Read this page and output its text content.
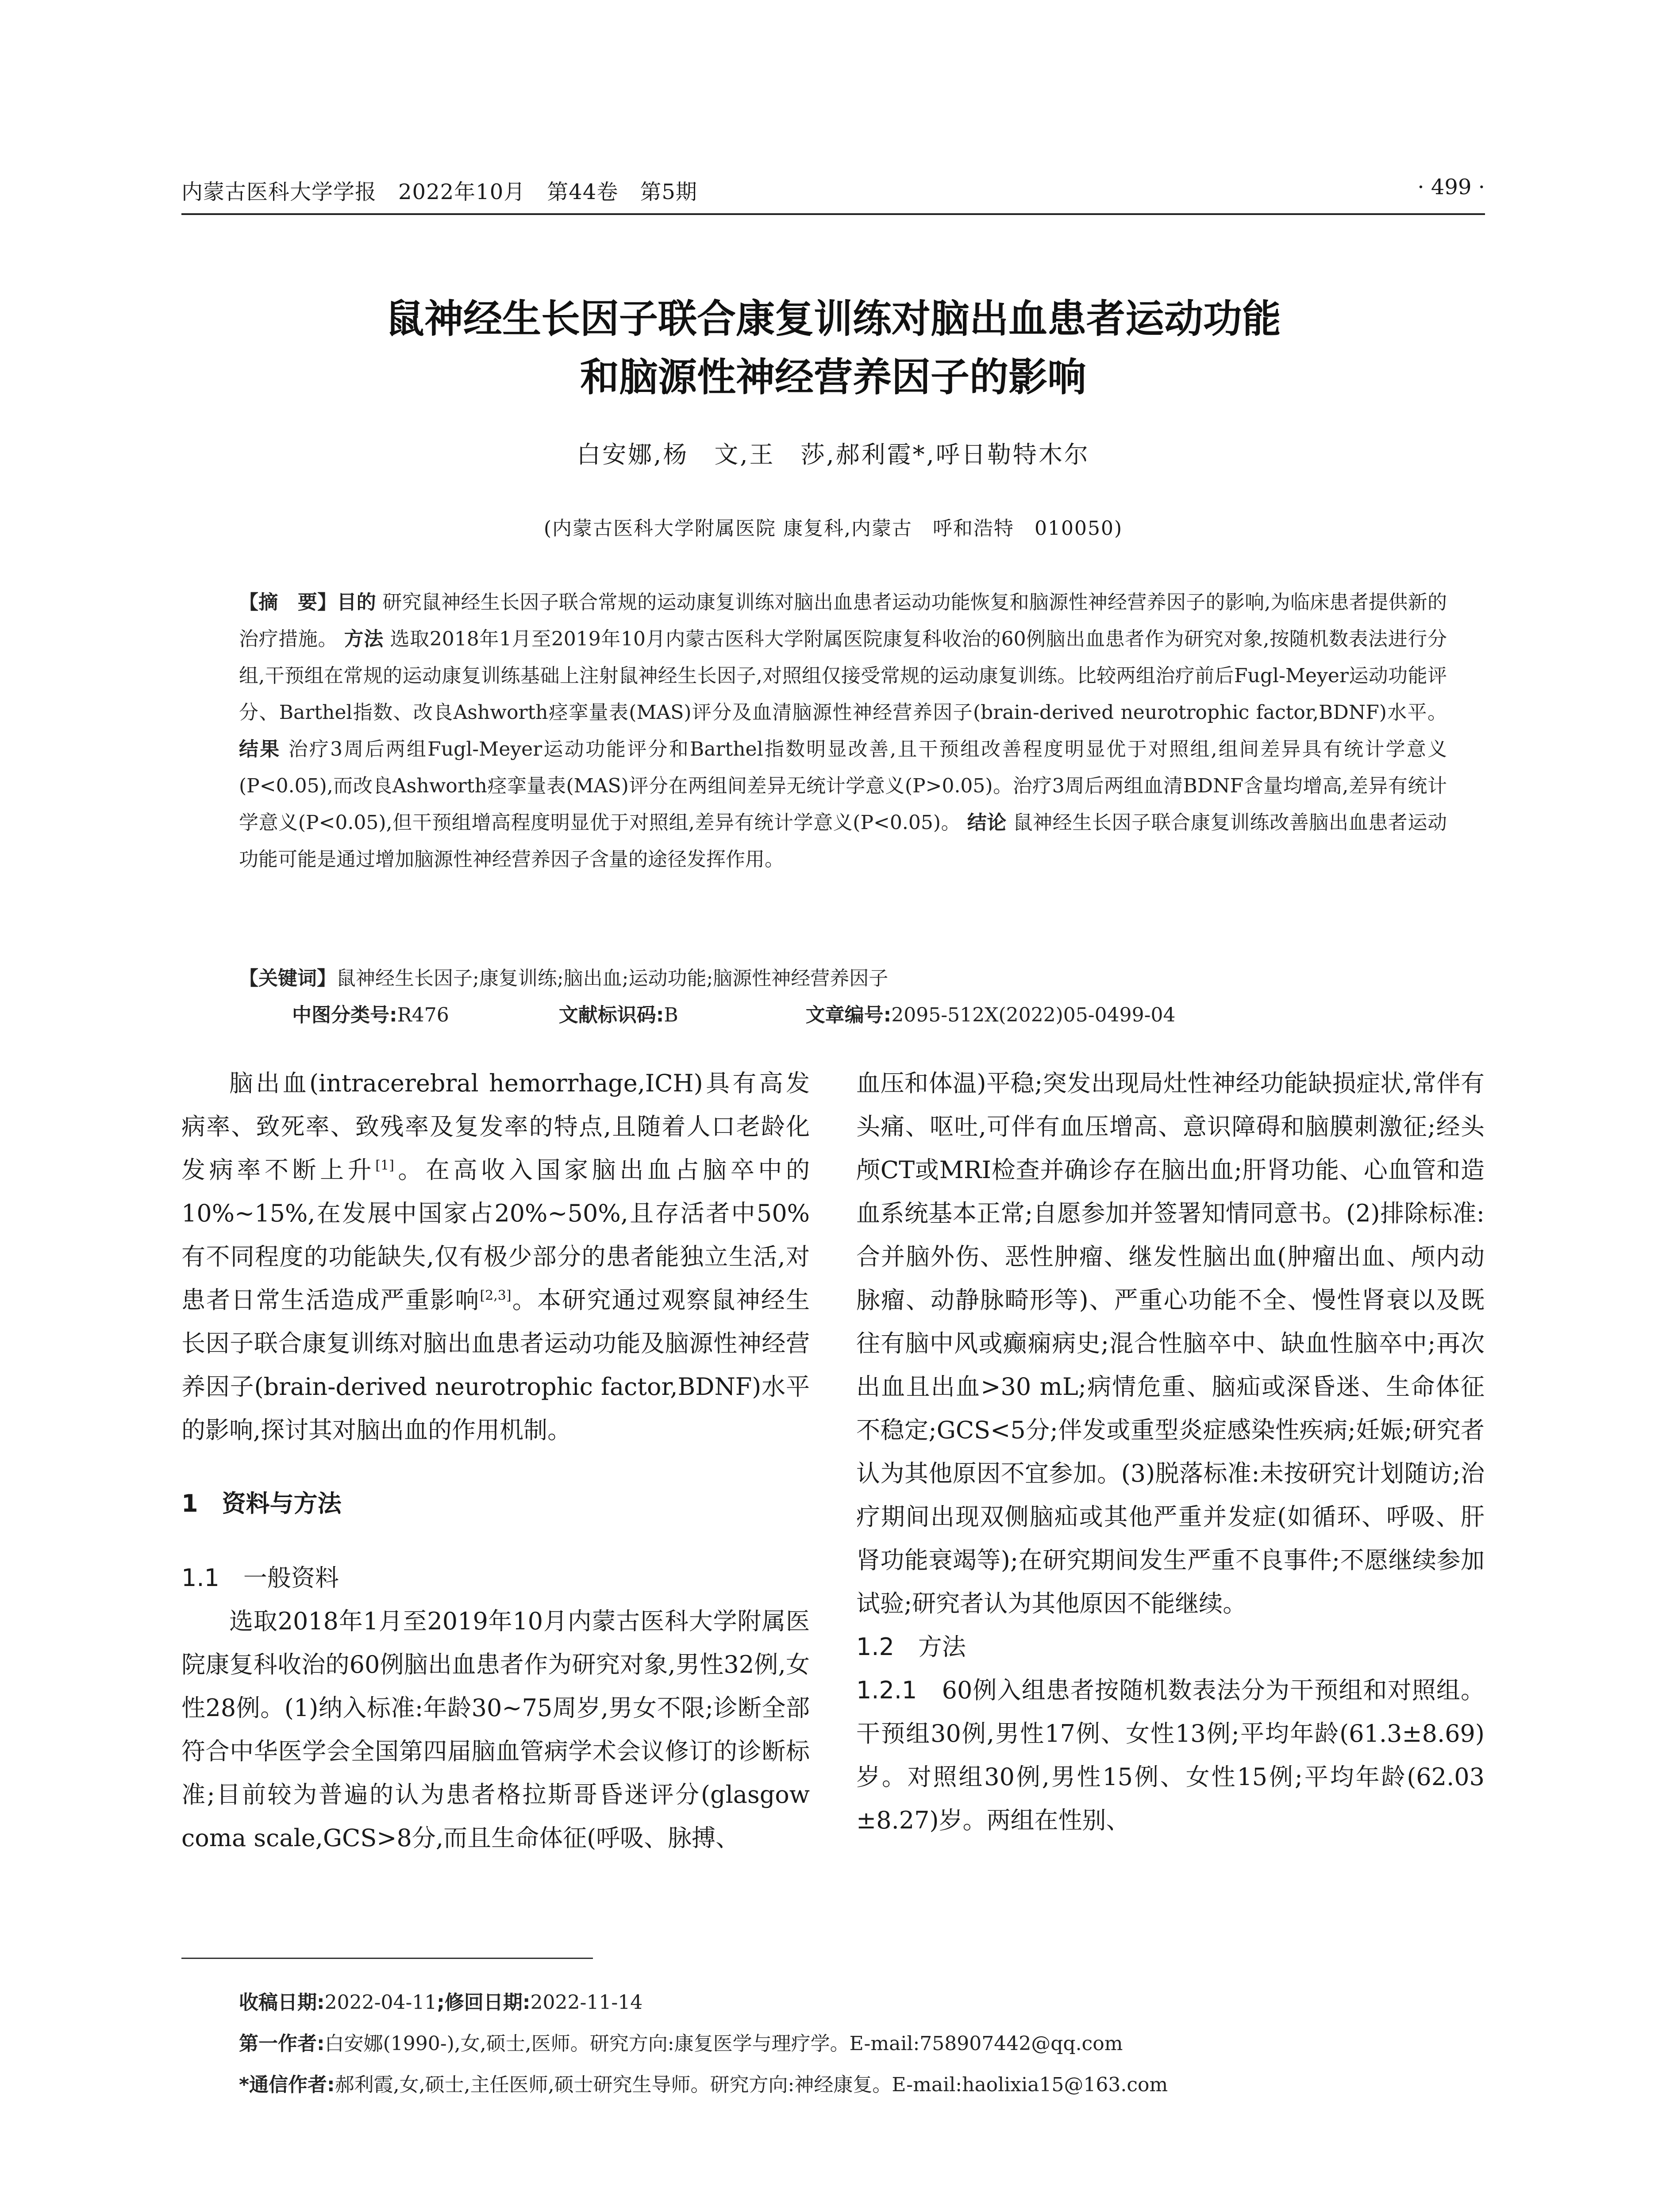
内蒙古医科大学学报　2022年10月　第44卷　第5期	· 499 ·
鼠神经生长因子联合康复训练对脑出血患者运动功能
和脑源性神经营养因子的影响
白安娜,杨　文,王　莎,郝利霞*,呼日勒特木尔
(内蒙古医科大学附属医院 康复科,内蒙古　呼和浩特　010050)
【摘　要】目的 研究鼠神经生长因子联合常规的运动康复训练对脑出血患者运动功能恢复和脑源性神经营养因子的影响,为临床患者提供新的治疗措施。 方法 选取2018年1月至2019年10月内蒙古医科大学附属医院康复科收治的60例脑出血患者作为研究对象,按随机数表法进行分组,干预组在常规的运动康复训练基础上注射鼠神经生长因子,对照组仅接受常规的运动康复训练。比较两组治疗前后Fugl-Meyer运动功能评分、Barthel指数、改良Ashworth痉挛量表(MAS)评分及血清脑源性神经营养因子(brain-derived neurotrophic factor,BDNF)水平。 结果 治疗3周后两组Fugl-Meyer运动功能评分和Barthel指数明显改善,且干预组改善程度明显优于对照组,组间差异具有统计学意义(P<0.05),而改良Ashworth痉挛量表(MAS)评分在两组间差异无统计学意义(P>0.05)。治疗3周后两组血清BDNF含量均增高,差异有统计学意义(P<0.05),但干预组增高程度明显优于对照组,差异有统计学意义(P<0.05)。 结论 鼠神经生长因子联合康复训练改善脑出血患者运动功能可能是通过增加脑源性神经营养因子含量的途径发挥作用。
【关键词】鼠神经生长因子;康复训练;脑出血;运动功能;脑源性神经营养因子
中图分类号:R476	文献标识码:B	文章编号:2095-512X(2022)05-0499-04

脑出血(intracerebral hemorrhage,ICH)具有高发病率、致死率、致残率及复发率的特点,且随着人口老龄化发病率不断上升[1]。在高收入国家脑出血占脑卒中的10%~15%,在发展中国家占20%~50%,且存活者中50%有不同程度的功能缺失,仅有极少部分的患者能独立生活,对患者日常生活造成严重影响[2,3]。本研究通过观察鼠神经生长因子联合康复训练对脑出血患者运动功能及脑源性神经营养因子(brain-derived neurotrophic factor,BDNF)水平的影响,探讨其对脑出血的作用机制。

1　资料与方法

1.1　一般资料

选取2018年1月至2019年10月内蒙古医科大学附属医院康复科收治的60例脑出血患者作为研究对象,男性32例,女性28例。(1)纳入标准:年龄30~75周岁,男女不限;诊断全部符合中华医学会全国第四届脑血管病学术会议修订的诊断标准;目前较为普遍的认为患者格拉斯哥昏迷评分(glasgow coma scale,GCS>8分,而且生命体征(呼吸、脉搏、

血压和体温)平稳;突发出现局灶性神经功能缺损症状,常伴有头痛、呕吐,可伴有血压增高、意识障碍和脑膜刺激征;经头颅CT或MRI检查并确诊存在脑出血;肝肾功能、心血管和造血系统基本正常;自愿参加并签署知情同意书。(2)排除标准:合并脑外伤、恶性肿瘤、继发性脑出血(肿瘤出血、颅内动脉瘤、动静脉畸形等)、严重心功能不全、慢性肾衰以及既往有脑中风或癫痫病史;混合性脑卒中、缺血性脑卒中;再次出血且出血>30 mL;病情危重、脑疝或深昏迷、生命体征不稳定;GCS<5分;伴发或重型炎症感染性疾病;妊娠;研究者认为其他原因不宜参加。(3)脱落标准:未按研究计划随访;治疗期间出现双侧脑疝或其他严重并发症(如循环、呼吸、肝肾功能衰竭等);在研究期间发生严重不良事件;不愿继续参加试验;研究者认为其他原因不能继续。

1.2　方法

1.2.1　60例入组患者按随机数表法分为干预组和对照组。干预组30例,男性17例、女性13例;平均年龄(61.3±8.69)岁。对照组30例,男性15例、女性15例;平均年龄(62.03 ±8.27)岁。两组在性别、

收稿日期:2022-04-11;修回日期:2022-11-14
第一作者:白安娜(1990-),女,硕士,医师。研究方向:康复医学与理疗学。E-mail:758907442@qq.com
*通信作者:郝利霞,女,硕士,主任医师,硕士研究生导师。研究方向:神经康复。E-mail:haolixia15@163.com
